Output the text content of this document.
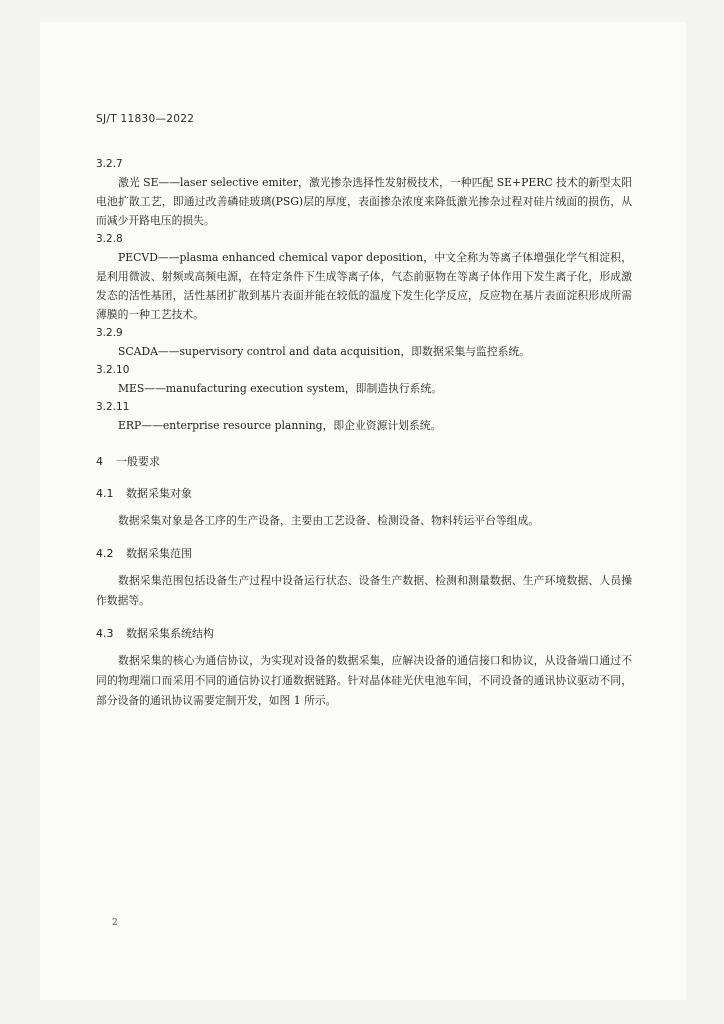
SJ/T 11830—2022
3.2.7

激光 SE——laser selective emiter，激光掺杂选择性发射极技术，一种匹配 SE+PERC 技术的新型太阳电池扩散工艺，即通过改善磷硅玻璃(PSG)层的厚度，表面掺杂浓度来降低激光掺杂过程对硅片绒面的损伤，从而减少开路电压的损失。

3.2.8

PECVD——plasma enhanced chemical vapor deposition，中文全称为等离子体增强化学气相淀积，是利用微波、射频或高频电源，在特定条件下生成等离子体，气态前驱物在等离子体作用下发生离子化，形成激发态的活性基团，活性基团扩散到基片表面并能在较低的温度下发生化学反应，反应物在基片表面淀积形成所需薄膜的一种工艺技术。

3.2.9

SCADA——supervisory control and data acquisition，即数据采集与监控系统。

3.2.10

MES——manufacturing execution system，即制造执行系统。

3.2.11

ERP——enterprise resource planning，即企业资源计划系统。

4 一般要求
4.1 数据采集对象

数据采集对象是各工序的生产设备，主要由工艺设备、检测设备、物料转运平台等组成。

4.2 数据采集范围

数据采集范围包括设备生产过程中设备运行状态、设备生产数据、检测和测量数据、生产环境数据、人员操作数据等。

4.3 数据采集系统结构

数据采集的核心为通信协议，为实现对设备的数据采集，应解决设备的通信接口和协议，从设备端口通过不同的物理端口而采用不同的通信协议打通数据链路。针对晶体硅光伏电池车间，不同设备的通讯协议驱动不同，部分设备的通讯协议需要定制开发，如图 1 所示。

2
